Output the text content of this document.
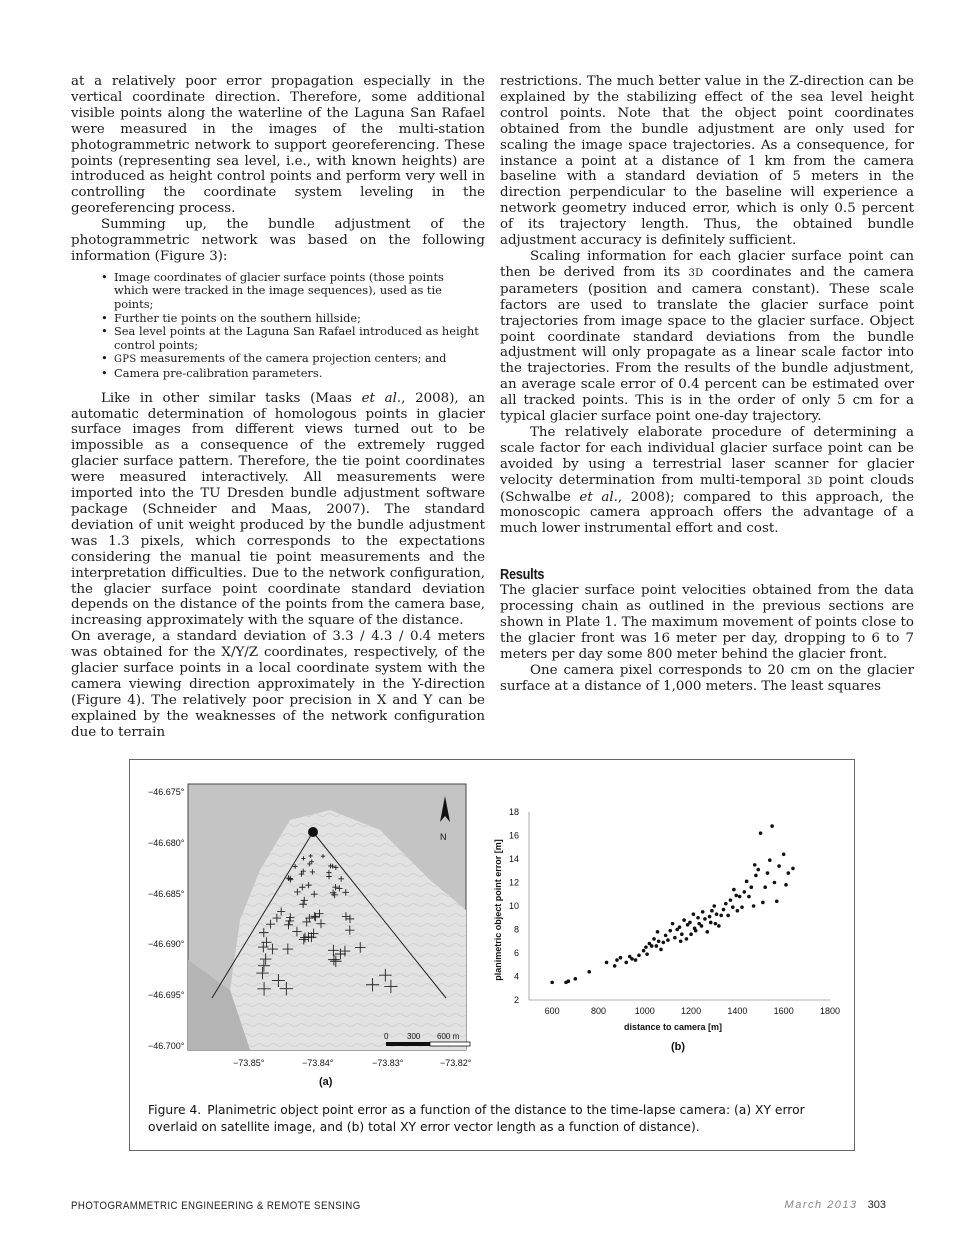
at a relatively poor error propagation especially in the vertical coordinate direction. Therefore, some additional visible points along the waterline of the Laguna San Rafael were measured in the images of the multi-station photogrammetric network to support georeferencing. These points (representing sea level, i.e., with known heights) are introduced as height control points and perform very well in controlling the coordinate system leveling in the georeferencing process.

Summing up, the bundle adjustment of the photogrammetric network was based on the following information (Figure 3):

• Image coordinates of glacier surface points (those points which were tracked in the image sequences), used as tie points;
• Further tie points on the southern hillside;
• Sea level points at the Laguna San Rafael introduced as height control points;
• GPS measurements of the camera projection centers; and
• Camera pre-calibration parameters.

Like in other similar tasks (Maas et al., 2008), an automatic determination of homologous points in glacier surface images from different views turned out to be impossible as a consequence of the extremely rugged glacier surface pattern. Therefore, the tie point coordinates were measured interactively. All measurements were imported into the TU Dresden bundle adjustment software package (Schneider and Maas, 2007). The standard deviation of unit weight produced by the bundle adjustment was 1.3 pixels, which corresponds to the expectations considering the manual tie point measurements and the interpretation difficulties. Due to the network configuration, the glacier surface point coordinate standard deviation depends on the distance of the points from the camera base, increasing approximately with the square of the distance.

On average, a standard deviation of 3.3 / 4.3 / 0.4 meters was obtained for the X/Y/Z coordinates, respectively, of the glacier surface points in a local coordinate system with the camera viewing direction approximately in the Y-direction (Figure 4). The relatively poor precision in X and Y can be explained by the weaknesses of the network configuration due to terrain

restrictions. The much better value in the Z-direction can be explained by the stabilizing effect of the sea level height control points. Note that the object point coordinates obtained from the bundle adjustment are only used for scaling the image space trajectories. As a consequence, for instance a point at a distance of 1 km from the camera baseline with a standard deviation of 5 meters in the direction perpendicular to the baseline will experience a network geometry induced error, which is only 0.5 percent of its trajectory length. Thus, the obtained bundle adjustment accuracy is definitely sufficient.

Scaling information for each glacier surface point can then be derived from its 3D coordinates and the camera parameters (position and camera constant). These scale factors are used to translate the glacier surface point trajectories from image space to the glacier surface. Object point coordinate standard deviations from the bundle adjustment will only propagate as a linear scale factor into the trajectories. From the results of the bundle adjustment, an average scale error of 0.4 percent can be estimated over all tracked points. This is in the order of only 5 cm for a typical glacier surface point one-day trajectory.

The relatively elaborate procedure of determining a scale factor for each individual glacier surface point can be avoided by using a terrestrial laser scanner for glacier velocity determination from multi-temporal 3D point clouds (Schwalbe et al., 2008); compared to this approach, the monoscopic camera approach offers the advantage of a much lower instrumental effort and cost.

Results

The glacier surface point velocities obtained from the data processing chain as outlined in the previous sections are shown in Plate 1. The maximum movement of points close to the glacier front was 16 meter per day, dropping to 6 to 7 meters per day some 800 meter behind the glacier front.

One camera pixel corresponds to 20 cm on the glacier surface at a distance of 1,000 meters. The least squares

N
0 300 600 m
−46.675°
−46.680°
−46.685°
−46.690°
−46.695°
−46.700°
−73.85°	−73.84°	−73.83°	−73.82°
(a)
2
4
6
8
10
12
14
16
18
600	800	1000	1200	1400	1600	1800
distance to camera [m]
planimetric object point error [m]
(b)
Figure 4. Planimetric object point error as a function of the distance to the time-lapse camera: (a) XY error overlaid on satellite image, and (b) total XY error vector length as a function of distance).
PHOTOGRAMMETRIC ENGINEERING & REMOTE SENSING	March 2013 303
